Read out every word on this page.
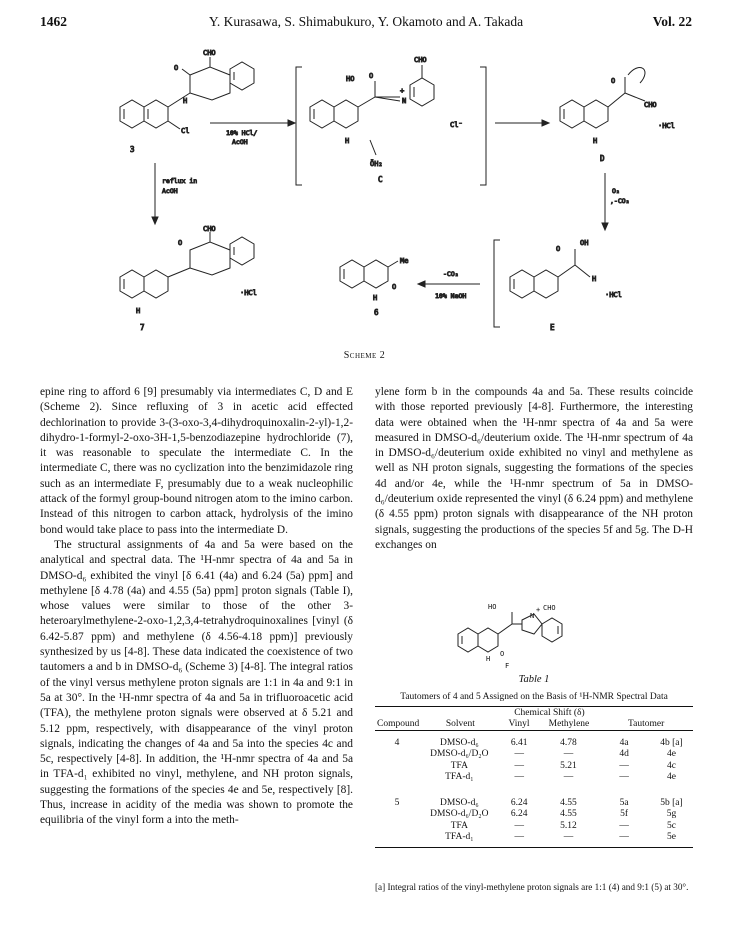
1462	Y. Kurasawa, S. Shimabukuro, Y. Okamoto and A. Takada	Vol. 22
CHO
O
H
Cl
3
10% HCl/
AcOH
HO O
CHO
N
+
Cl⁻
ÖH₂
H
C
O
CHO
·HCl
H
D
O₂
,-CO₂
reflux in
AcOH
CHO
O
·HCl
H
7
Me
O
H
6
-CO₂
10% NaOH
O
OH
H
·HCl
E
Scheme 2

epine ring to afford 6 [9] presumably via intermediates C, D and E (Scheme 2). Since refluxing of 3 in acetic acid effected dechlorination to provide 3-(3-oxo-3,4-dihydroquinoxalin-2-yl)-1,2-dihydro-1-formyl-2-oxo-3H-1,5-benzodiazepine hydrochloride (7), it was reasonable to speculate the intermediate C. In the intermediate C, there was no cyclization into the benzimidazole ring such as an intermediate F, presumably due to a weak nucleophilic attack of the formyl group-bound nitrogen atom to the imino carbon. Instead of this nitrogen to carbon attack, hydrolysis of the imino bond would take place to pass into the intermediate D.

The structural assignments of 4a and 5a were based on the analytical and spectral data. The ¹H-nmr spectra of 4a and 5a in DMSO-d₆ exhibited the vinyl [δ 6.41 (4a) and 6.24 (5a) ppm] and methylene [δ 4.78 (4a) and 4.55 (5a) ppm] proton signals (Table I), whose values were similar to those of the other 3-heteroarylmethylene-2-oxo-1,2,3,4-tetrahydroquinoxalines [vinyl (δ 6.42-5.87 ppm) and methylene (δ 4.56-4.18 ppm)] previously synthesized by us [4-8]. These data indicated the coexistence of two tautomers a and b in DMSO-d₆ (Scheme 3) [4-8]. The integral ratios of the vinyl versus methylene proton signals are 1:1 in 4a and 9:1 in 5a at 30°. In the ¹H-nmr spectra of 4a and 5a in trifluoroacetic acid (TFA), the methylene proton signals were observed at δ 5.21 and 5.12 ppm, respectively, with disappearance of the vinyl proton signals, indicating the changes of 4a and 5a into the species 4c and 5c, respectively [4-8]. In addition, the ¹H-nmr spectra of 4a and 5a in TFA-d₁ exhibited no vinyl, methylene, and NH proton signals, suggesting the formations of the species 4e and 5e, respectively [8]. Thus, increase in acidity of the media was shown to promote the equilibria of the vinyl form a into the meth-

ylene form b in the compounds 4a and 5a. These results coincide with those reported previously [4-8]. Furthermore, the interesting data were obtained when the ¹H-nmr spectra of 4a and 5a were measured in DMSO-d₆/deuterium oxide. The ¹H-nmr spectrum of 4a in DMSO-d₆/deuterium oxide exhibited no vinyl and methylene as well as NH proton signals, suggesting the formations of the species 4d and/or 4e, while the ¹H-nmr spectrum of 5a in DMSO-d₆/deuterium oxide represented the vinyl (δ 6.24 ppm) and methylene (δ 4.55 ppm) proton signals with disappearance of the NH proton signals, suggesting the productions of the species 5f and 5g. The D-H exchanges on

HO	CHO
O
H
N
+
F
Table 1
Tautomers of 4 and 5 Assigned on the Basis of ¹H-NMR Spectral Data
		Chemical Shift (δ)			
Compound	Solvent	Vinyl	Methylene	Tautomer	

4	DMSO-d₆	6.41	4.78	4a	4b [a]
	DMSO-d₆/D₂O	—	—	4d	4e
	TFA	—	5.21	—	4c
	TFA-d₁	—	—	—	4e

5	DMSO-d₆	6.24	4.55	5a	5b [a]
	DMSO-d₆/D₂O	6.24	4.55	5f	5g
	TFA	—	5.12	—	5c
	TFA-d₁	—	—	—	5e

[a] Integral ratios of the vinyl-methylene proton signals are 1:1 (4) and 9:1 (5) at 30°.
